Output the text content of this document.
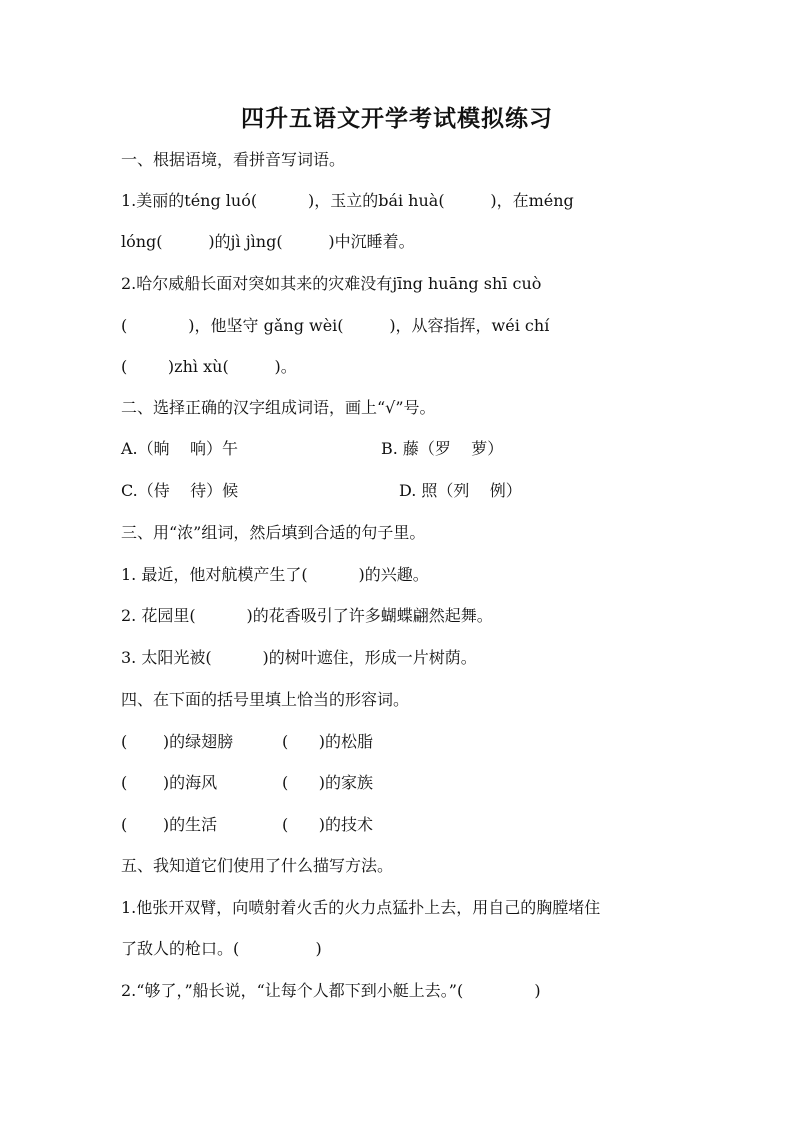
四升五语文开学考试模拟练习
一、根据语境，看拼音写词语。
1.美丽的téng luó(          )，玉立的bái huà(         )，在méng
lóng(         )的jì jìng(         )中沉睡着。
2.哈尔威船长面对突如其来的灾难没有jīng huāng shī cuò
(            )，他坚守 gǎng wèi(         )，从容指挥，wéi chí
(        )zhì xù(         )。
二、选择正确的汉字组成词语，画上“√”号。
A.（晌    响）午	B. 藤（罗    萝）
C.（侍    待）候	D. 照（列    例）
三、用“浓”组词，然后填到合适的句子里。
1. 最近，他对航模产生了(          )的兴趣。
2. 花园里(          )的花香吸引了许多蝴蝶翩然起舞。
3. 太阳光被(          )的树叶遮住，形成一片树荫。
四、在下面的括号里填上恰当的形容词。
(       )的绿翅膀	(      )的松脂
(       )的海风	(      )的家族
(       )的生活	(      )的技术
五、我知道它们使用了什么描写方法。
1.他张开双臂，向喷射着火舌的火力点猛扑上去，用自己的胸膛堵住
了敌人的枪口。(               )
2.“够了，”船长说，“让每个人都下到小艇上去。”(              )
